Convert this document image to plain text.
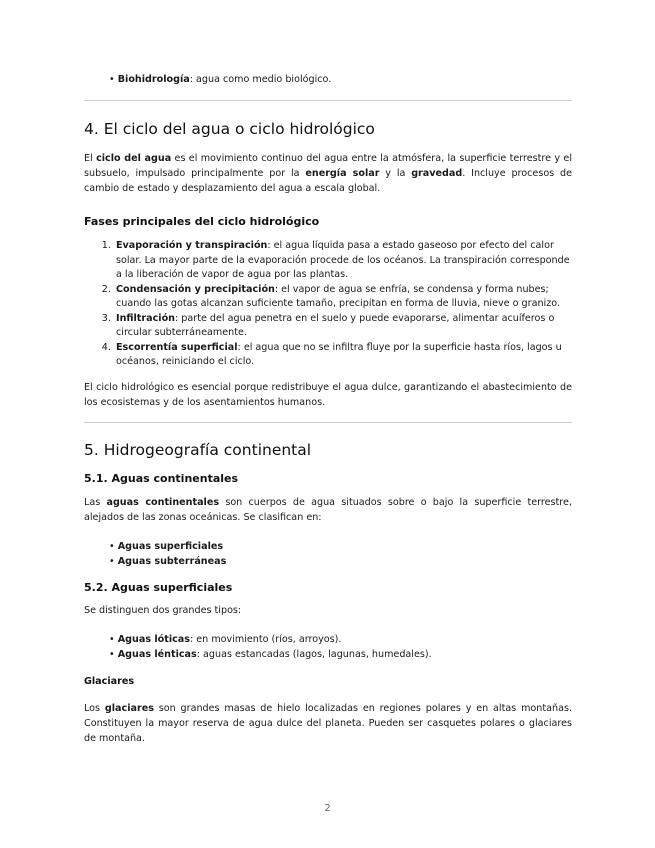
• Biohidrología: agua como medio biológico.
4. El ciclo del agua o ciclo hidrológico

El ciclo del agua es el movimiento continuo del agua entre la atmósfera, la superficie terrestre y el subsuelo, impulsado principalmente por la energía solar y la gravedad. Incluye procesos de cambio de estado y desplazamiento del agua a escala global.

Fases principales del ciclo hidrológico
1. Evaporación y transpiración: el agua líquida pasa a estado gaseoso por efecto del calor solar. La mayor parte de la evaporación procede de los océanos. La transpiración corresponde a la liberación de vapor de agua por las plantas.
2. Condensación y precipitación: el vapor de agua se enfría, se condensa y forma nubes; cuando las gotas alcanzan suficiente tamaño, precipitan en forma de lluvia, nieve o granizo.
3. Infiltración: parte del agua penetra en el suelo y puede evaporarse, alimentar acuíferos o circular subterráneamente.
4. Escorrentía superficial: el agua que no se infiltra fluye por la superficie hasta ríos, lagos u océanos, reiniciando el ciclo.

El ciclo hidrológico es esencial porque redistribuye el agua dulce, garantizando el abastecimiento de los ecosistemas y de los asentamientos humanos.

5. Hidrogeografía continental
5.1. Aguas continentales

Las aguas continentales son cuerpos de agua situados sobre o bajo la superficie terrestre, alejados de las zonas oceánicas. Se clasifican en:

• Aguas superficiales
• Aguas subterráneas
5.2. Aguas superficiales

Se distinguen dos grandes tipos:

• Aguas lóticas: en movimiento (ríos, arroyos).
• Aguas lénticas: aguas estancadas (lagos, lagunas, humedales).
Glaciares

Los glaciares son grandes masas de hielo localizadas en regiones polares y en altas montañas. Constituyen la mayor reserva de agua dulce del planeta. Pueden ser casquetes polares o glaciares de montaña.

2
